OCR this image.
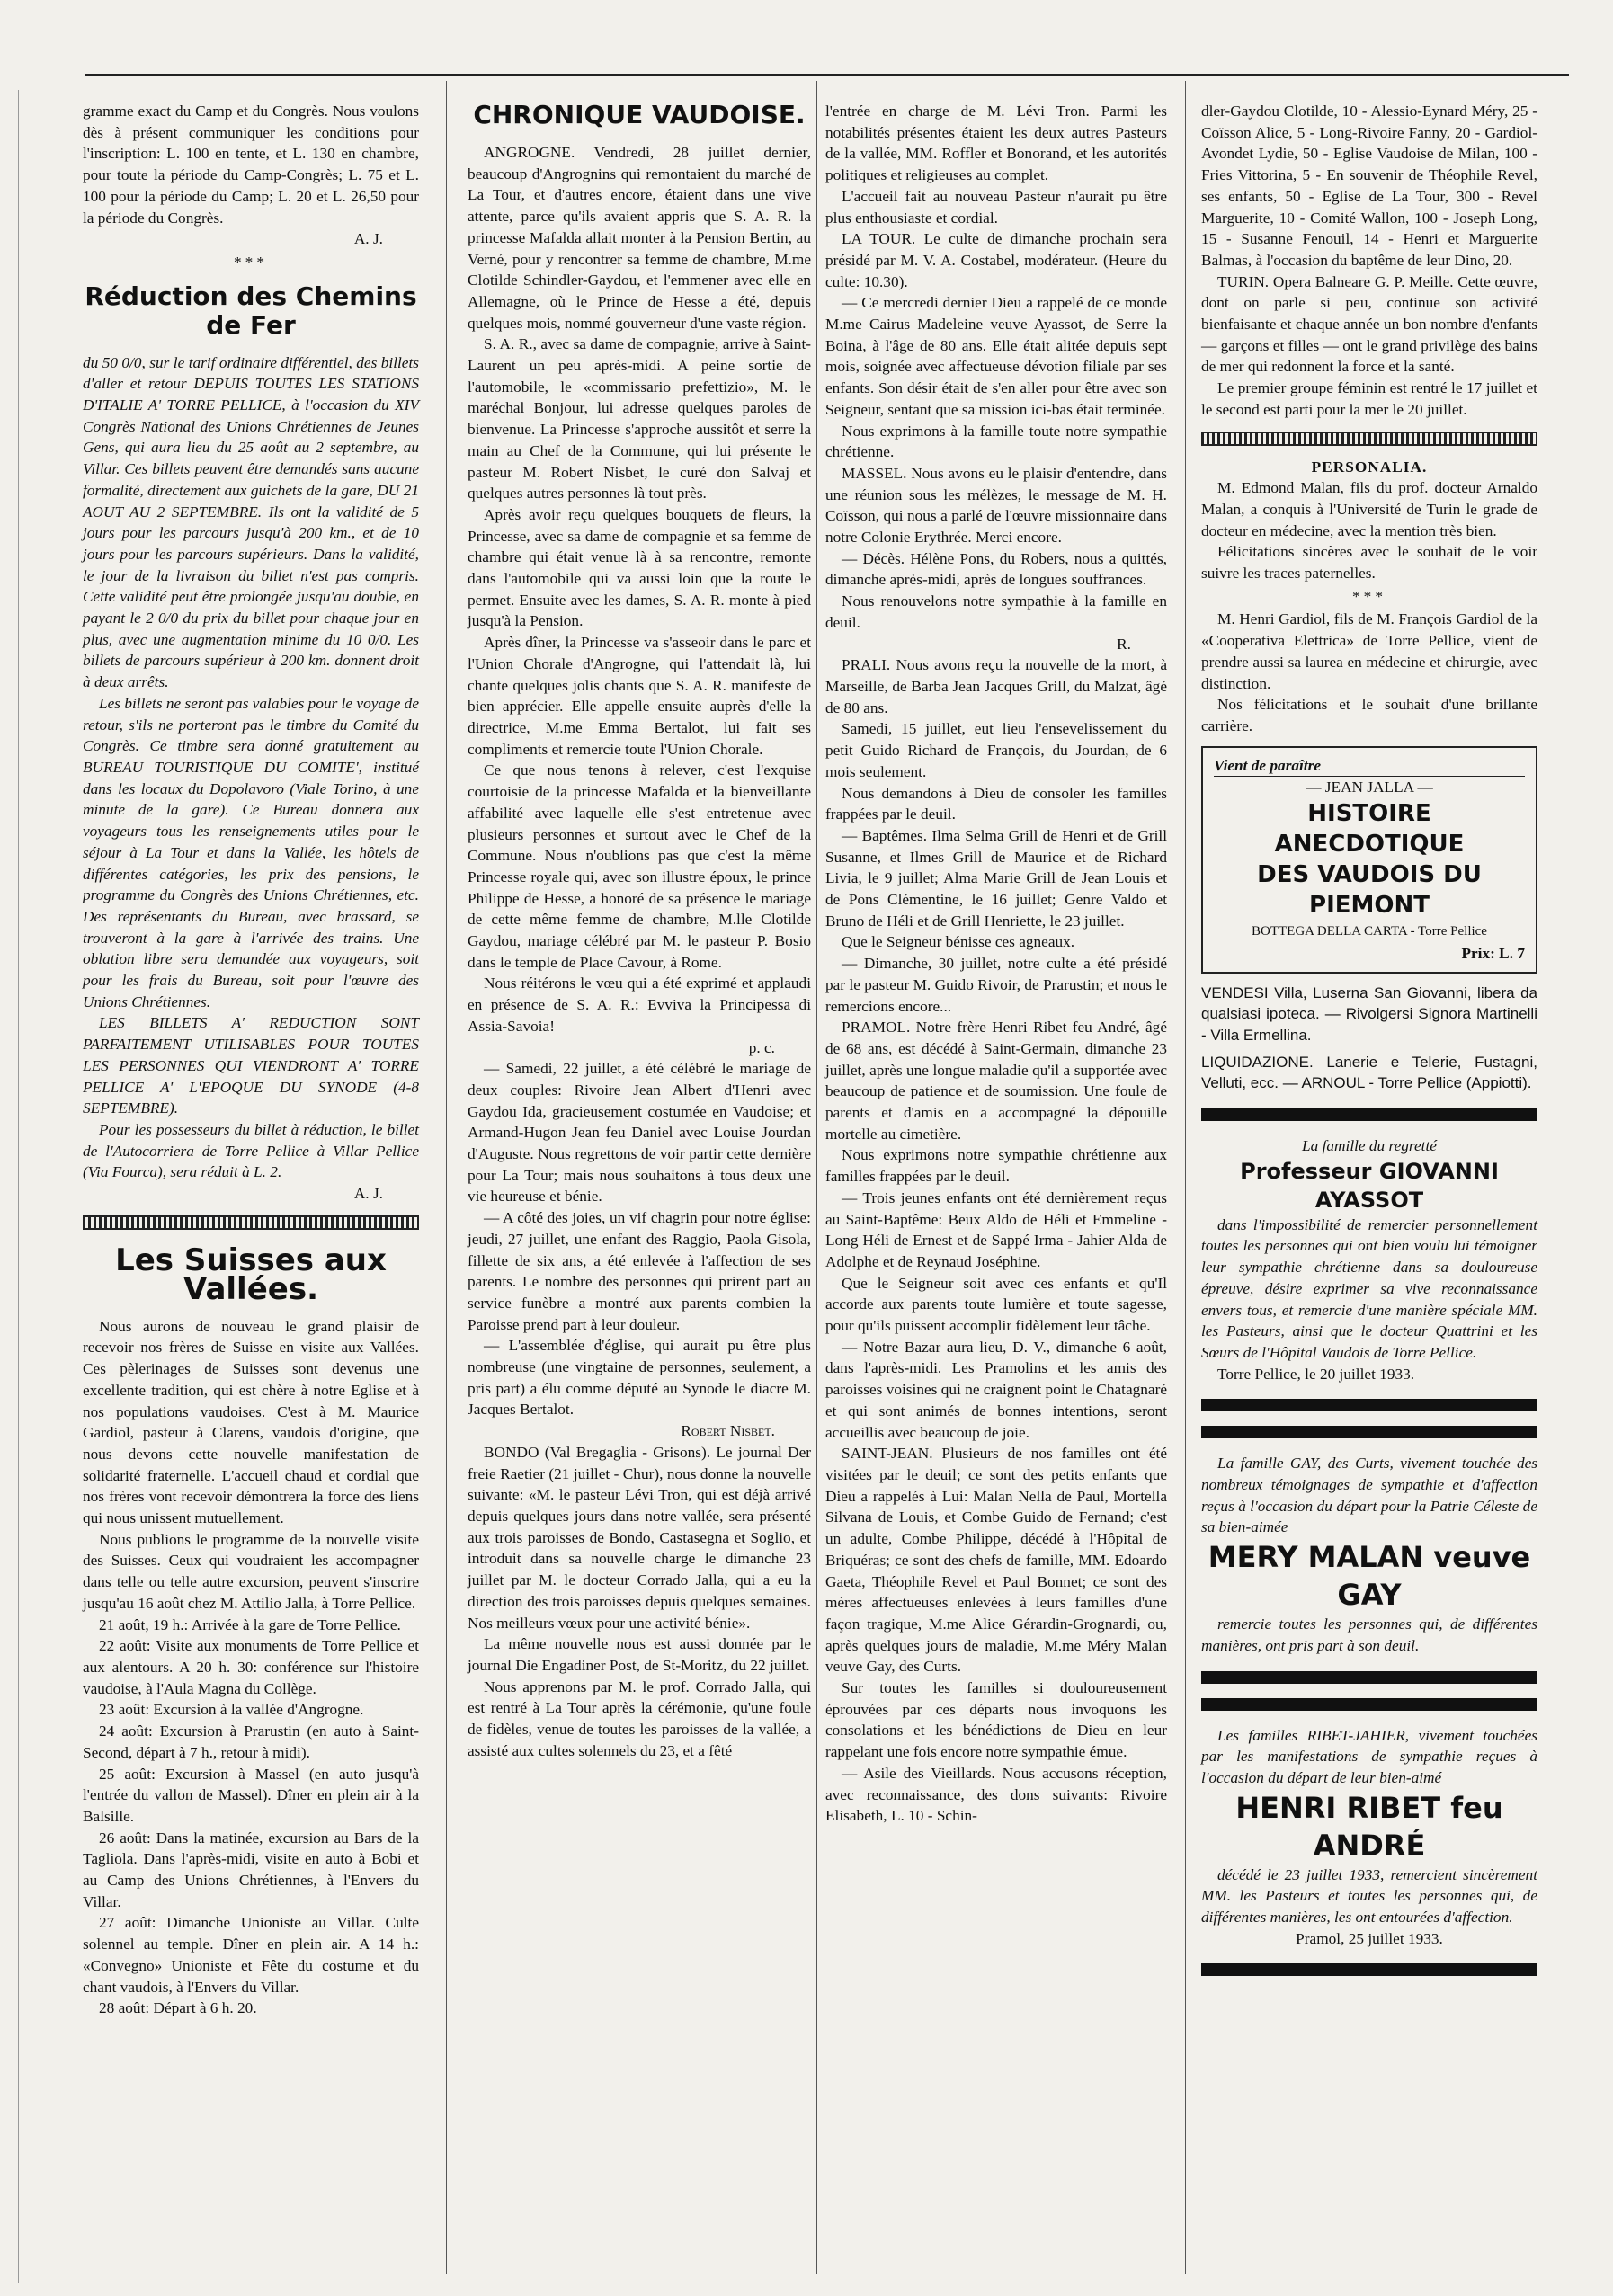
gramme exact du Camp et du Congrès. Nous voulons dès à présent communiquer les conditions pour l'inscription: L. 100 en tente, et L. 130 en chambre, pour toute la période du Camp-Congrès; L. 75 et L. 100 pour la période du Camp; L. 20 et L. 26,50 pour la période du Congrès.

A. J.

***
Réduction des Chemins de Fer

du 50 0/0, sur le tarif ordinaire différentiel, des billets d'aller et retour DEPUIS TOUTES LES STATIONS D'ITALIE A' TORRE PELLICE, à l'occasion du XIV Congrès National des Unions Chrétiennes de Jeunes Gens, qui aura lieu du 25 août au 2 septembre, au Villar. Ces billets peuvent être demandés sans aucune formalité, directement aux guichets de la gare, DU 21 AOUT AU 2 SEPTEMBRE. Ils ont la validité de 5 jours pour les parcours jusqu'à 200 km., et de 10 jours pour les parcours supérieurs. Dans la validité, le jour de la livraison du billet n'est pas compris. Cette validité peut être prolongée jusqu'au double, en payant le 2 0/0 du prix du billet pour chaque jour en plus, avec une augmentation minime du 10 0/0. Les billets de parcours supérieur à 200 km. donnent droit à deux arrêts.

Les billets ne seront pas valables pour le voyage de retour, s'ils ne porteront pas le timbre du Comité du Congrès. Ce timbre sera donné gratuitement au BUREAU TOURISTIQUE DU COMITE', institué dans les locaux du Dopolavoro (Viale Torino, à une minute de la gare). Ce Bureau donnera aux voyageurs tous les renseignements utiles pour le séjour à La Tour et dans la Vallée, les hôtels de différentes catégories, les prix des pensions, le programme du Congrès des Unions Chrétiennes, etc. Des représentants du Bureau, avec brassard, se trouveront à la gare à l'arrivée des trains. Une oblation libre sera demandée aux voyageurs, soit pour les frais du Bureau, soit pour l'œuvre des Unions Chrétiennes.

LES BILLETS A' REDUCTION SONT PARFAITEMENT UTILISABLES POUR TOUTES LES PERSONNES QUI VIENDRONT A' TORRE PELLICE A' L'EPOQUE DU SYNODE (4-8 SEPTEMBRE).

Pour les possesseurs du billet à réduction, le billet de l'Autocorriera de Torre Pellice à Villar Pellice (Via Fourca), sera réduit à L. 2.

A. J.

Les Suisses aux Vallées.

Nous aurons de nouveau le grand plaisir de recevoir nos frères de Suisse en visite aux Vallées. Ces pèlerinages de Suisses sont devenus une excellente tradition, qui est chère à notre Eglise et à nos populations vaudoises. C'est à M. Maurice Gardiol, pasteur à Clarens, vaudois d'origine, que nous devons cette nouvelle manifestation de solidarité fraternelle. L'accueil chaud et cordial que nos frères vont recevoir démontrera la force des liens qui nous unissent mutuellement.

Nous publions le programme de la nouvelle visite des Suisses. Ceux qui voudraient les accompagner dans telle ou telle autre excursion, peuvent s'inscrire jusqu'au 16 août chez M. Attilio Jalla, à Torre Pellice.

21 août, 19 h.: Arrivée à la gare de Torre Pellice.

22 août: Visite aux monuments de Torre Pellice et aux alentours. A 20 h. 30: conférence sur l'histoire vaudoise, à l'Aula Magna du Collège.

23 août: Excursion à la vallée d'Angrogne.

24 août: Excursion à Prarustin (en auto à Saint-Second, départ à 7 h., retour à midi).

25 août: Excursion à Massel (en auto jusqu'à l'entrée du vallon de Massel). Dîner en plein air à la Balsille.

26 août: Dans la matinée, excursion au Bars de la Tagliola. Dans l'après-midi, visite en auto à Bobi et au Camp des Unions Chrétiennes, à l'Envers du Villar.

27 août: Dimanche Unioniste au Villar. Culte solennel au temple. Dîner en plein air. A 14 h.: «Convegno» Unioniste et Fête du costume et du chant vaudois, à l'Envers du Villar.

28 août: Départ à 6 h. 20.

CHRONIQUE VAUDOISE.

ANGROGNE. Vendredi, 28 juillet dernier, beaucoup d'Angrognins qui remontaient du marché de La Tour, et d'autres encore, étaient dans une vive attente, parce qu'ils avaient appris que S. A. R. la princesse Mafalda allait monter à la Pension Bertin, au Verné, pour y rencontrer sa femme de chambre, M.me Clotilde Schindler-Gaydou, et l'emmener avec elle en Allemagne, où le Prince de Hesse a été, depuis quelques mois, nommé gouverneur d'une vaste région.

S. A. R., avec sa dame de compagnie, arrive à Saint-Laurent un peu après-midi. A peine sortie de l'automobile, le «commissario prefettizio», M. le maréchal Bonjour, lui adresse quelques paroles de bienvenue. La Princesse s'approche aussitôt et serre la main au Chef de la Commune, qui lui présente le pasteur M. Robert Nisbet, le curé don Salvaj et quelques autres personnes là tout près.

Après avoir reçu quelques bouquets de fleurs, la Princesse, avec sa dame de compagnie et sa femme de chambre qui était venue là à sa rencontre, remonte dans l'automobile qui va aussi loin que la route le permet. Ensuite avec les dames, S. A. R. monte à pied jusqu'à la Pension.

Après dîner, la Princesse va s'asseoir dans le parc et l'Union Chorale d'Angrogne, qui l'attendait là, lui chante quelques jolis chants que S. A. R. manifeste de bien apprécier. Elle appelle ensuite auprès d'elle la directrice, M.me Emma Bertalot, lui fait ses compliments et remercie toute l'Union Chorale.

Ce que nous tenons à relever, c'est l'exquise courtoisie de la princesse Mafalda et la bienveillante affabilité avec laquelle elle s'est entretenue avec plusieurs personnes et surtout avec le Chef de la Commune. Nous n'oublions pas que c'est la même Princesse royale qui, avec son illustre époux, le prince Philippe de Hesse, a honoré de sa présence le mariage de cette même femme de chambre, M.lle Clotilde Gaydou, mariage célébré par M. le pasteur P. Bosio dans le temple de Place Cavour, à Rome.

Nous réitérons le vœu qui a été exprimé et applaudi en présence de S. A. R.: Evviva la Principessa di Assia-Savoia!

p. c.

— Samedi, 22 juillet, a été célébré le mariage de deux couples: Rivoire Jean Albert d'Henri avec Gaydou Ida, gracieusement costumée en Vaudoise; et Armand-Hugon Jean feu Daniel avec Louise Jourdan d'Auguste. Nous regrettons de voir partir cette dernière pour La Tour; mais nous souhaitons à tous deux une vie heureuse et bénie.

— A côté des joies, un vif chagrin pour notre église: jeudi, 27 juillet, une enfant des Raggio, Paola Gisola, fillette de six ans, a été enlevée à l'affection de ses parents. Le nombre des personnes qui prirent part au service funèbre a montré aux parents combien la Paroisse prend part à leur douleur.

— L'assemblée d'église, qui aurait pu être plus nombreuse (une vingtaine de personnes, seulement, a pris part) a élu comme député au Synode le diacre M. Jacques Bertalot.

Robert Nisbet.

BONDO (Val Bregaglia - Grisons). Le journal Der freie Raetier (21 juillet - Chur), nous donne la nouvelle suivante: «M. le pasteur Lévi Tron, qui est déjà arrivé depuis quelques jours dans notre vallée, sera présenté aux trois paroisses de Bondo, Castasegna et Soglio, et introduit dans sa nouvelle charge le dimanche 23 juillet par M. le docteur Corrado Jalla, qui a eu la direction des trois paroisses depuis quelques semaines. Nos meilleurs vœux pour une activité bénie».

La même nouvelle nous est aussi donnée par le journal Die Engadiner Post, de St-Moritz, du 22 juillet.

Nous apprenons par M. le prof. Corrado Jalla, qui est rentré à La Tour après la cérémonie, qu'une foule de fidèles, venue de toutes les paroisses de la vallée, a assisté aux cultes solennels du 23, et a fêté

l'entrée en charge de M. Lévi Tron. Parmi les notabilités présentes étaient les deux autres Pasteurs de la vallée, MM. Roffler et Bonorand, et les autorités politiques et religieuses au complet.

L'accueil fait au nouveau Pasteur n'aurait pu être plus enthousiaste et cordial.

LA TOUR. Le culte de dimanche prochain sera présidé par M. V. A. Costabel, modérateur. (Heure du culte: 10.30).

— Ce mercredi dernier Dieu a rappelé de ce monde M.me Cairus Madeleine veuve Ayassot, de Serre la Boina, à l'âge de 80 ans. Elle était alitée depuis sept mois, soignée avec affectueuse dévotion filiale par ses enfants. Son désir était de s'en aller pour être avec son Seigneur, sentant que sa mission ici-bas était terminée.

Nous exprimons à la famille toute notre sympathie chrétienne.

MASSEL. Nous avons eu le plaisir d'entendre, dans une réunion sous les mélèzes, le message de M. H. Coïsson, qui nous a parlé de l'œuvre missionnaire dans notre Colonie Erythrée. Merci encore.

— Décès. Hélène Pons, du Robers, nous a quittés, dimanche après-midi, après de longues souffrances.

Nous renouvelons notre sympathie à la famille en deuil.

R.

PRALI. Nous avons reçu la nouvelle de la mort, à Marseille, de Barba Jean Jacques Grill, du Malzat, âgé de 80 ans.

Samedi, 15 juillet, eut lieu l'ensevelissement du petit Guido Richard de François, du Jourdan, de 6 mois seulement.

Nous demandons à Dieu de consoler les familles frappées par le deuil.

— Baptêmes. Ilma Selma Grill de Henri et de Grill Susanne, et Ilmes Grill de Maurice et de Richard Livia, le 9 juillet; Alma Marie Grill de Jean Louis et de Pons Clémentine, le 16 juillet; Genre Valdo et Bruno de Héli et de Grill Henriette, le 23 juillet.

Que le Seigneur bénisse ces agneaux.

— Dimanche, 30 juillet, notre culte a été présidé par le pasteur M. Guido Rivoir, de Prarustin; et nous le remercions encore...

PRAMOL. Notre frère Henri Ribet feu André, âgé de 68 ans, est décédé à Saint-Germain, dimanche 23 juillet, après une longue maladie qu'il a supportée avec beaucoup de patience et de soumission. Une foule de parents et d'amis en a accompagné la dépouille mortelle au cimetière.

Nous exprimons notre sympathie chrétienne aux familles frappées par le deuil.

— Trois jeunes enfants ont été dernièrement reçus au Saint-Baptême: Beux Aldo de Héli et Emmeline - Long Héli de Ernest et de Sappé Irma - Jahier Alda de Adolphe et de Reynaud Joséphine.

Que le Seigneur soit avec ces enfants et qu'Il accorde aux parents toute lumière et toute sagesse, pour qu'ils puissent accomplir fidèlement leur tâche.

— Notre Bazar aura lieu, D. V., dimanche 6 août, dans l'après-midi. Les Pramolins et les amis des paroisses voisines qui ne craignent point le Chatagnaré et qui sont animés de bonnes intentions, seront accueillis avec beaucoup de joie.

SAINT-JEAN. Plusieurs de nos familles ont été visitées par le deuil; ce sont des petits enfants que Dieu a rappelés à Lui: Malan Nella de Paul, Mortella Silvana de Louis, et Combe Guido de Fernand; c'est un adulte, Combe Philippe, décédé à l'Hôpital de Briquéras; ce sont des chefs de famille, MM. Edoardo Gaeta, Théophile Revel et Paul Bonnet; ce sont des mères affectueuses enlevées à leurs familles d'une façon tragique, M.me Alice Gérardin-Grognardi, ou, après quelques jours de maladie, M.me Méry Malan veuve Gay, des Curts.

Sur toutes les familles si douloureusement éprouvées par ces départs nous invoquons les consolations et les bénédictions de Dieu en leur rappelant une fois encore notre sympathie émue.

— Asile des Vieillards. Nous accusons réception, avec reconnaissance, des dons suivants: Rivoire Elisabeth, L. 10 - Schin-

dler-Gaydou Clotilde, 10 - Alessio-Eynard Méry, 25 - Coïsson Alice, 5 - Long-Rivoire Fanny, 20 - Gardiol-Avondet Lydie, 50 - Eglise Vaudoise de Milan, 100 - Fries Vittorina, 5 - En souvenir de Théophile Revel, ses enfants, 50 - Eglise de La Tour, 300 - Revel Marguerite, 10 - Comité Wallon, 100 - Joseph Long, 15 - Susanne Fenouil, 14 - Henri et Marguerite Balmas, à l'occasion du baptême de leur Dino, 20.

TURIN. Opera Balneare G. P. Meille. Cette œuvre, dont on parle si peu, continue son activité bienfaisante et chaque année un bon nombre d'enfants — garçons et filles — ont le grand privilège des bains de mer qui redonnent la force et la santé.

Le premier groupe féminin est rentré le 17 juillet et le second est parti pour la mer le 20 juillet.

PERSONALIA.

M. Edmond Malan, fils du prof. docteur Arnaldo Malan, a conquis à l'Université de Turin le grade de docteur en médecine, avec la mention très bien.

Félicitations sincères avec le souhait de le voir suivre les traces paternelles.

***

M. Henri Gardiol, fils de M. François Gardiol de la «Cooperativa Elettrica» de Torre Pellice, vient de prendre aussi sa laurea en médecine et chirurgie, avec distinction.

Nos félicitations et le souhait d'une brillante carrière.

Vient de paraître
— JEAN JALLA —
HISTOIRE ANECDOTIQUE
DES VAUDOIS DU PIEMONT
BOTTEGA DELLA CARTA - Torre Pellice
Prix: L. 7

VENDESI Villa, Luserna San Giovanni, libera da qualsiasi ipoteca. — Rivolgersi Signora Martinelli - Villa Ermellina.

LIQUIDAZIONE. Lanerie e Telerie, Fustagni, Velluti, ecc. — ARNOUL - Torre Pellice (Appiotti).

La famille du regretté

Professeur GIOVANNI AYASSOT

dans l'impossibilité de remercier personnellement toutes les personnes qui ont bien voulu lui témoigner leur sympathie chrétienne dans sa douloureuse épreuve, désire exprimer sa vive reconnaissance envers tous, et remercie d'une manière spéciale MM. les Pasteurs, ainsi que le docteur Quattrini et les Sœurs de l'Hôpital Vaudois de Torre Pellice.

Torre Pellice, le 20 juillet 1933.

La famille GAY, des Curts, vivement touchée des nombreux témoignages de sympathie et d'affection reçus à l'occasion du départ pour la Patrie Céleste de sa bien-aimée

MERY MALAN veuve GAY

remercie toutes les personnes qui, de différentes manières, ont pris part à son deuil.

Les familles RIBET-JAHIER, vivement touchées par les manifestations de sympathie reçues à l'occasion du départ de leur bien-aimé

HENRI RIBET feu ANDRÉ

décédé le 23 juillet 1933, remercient sincèrement MM. les Pasteurs et toutes les personnes qui, de différentes manières, les ont entourées d'affection.

Pramol, 25 juillet 1933.
